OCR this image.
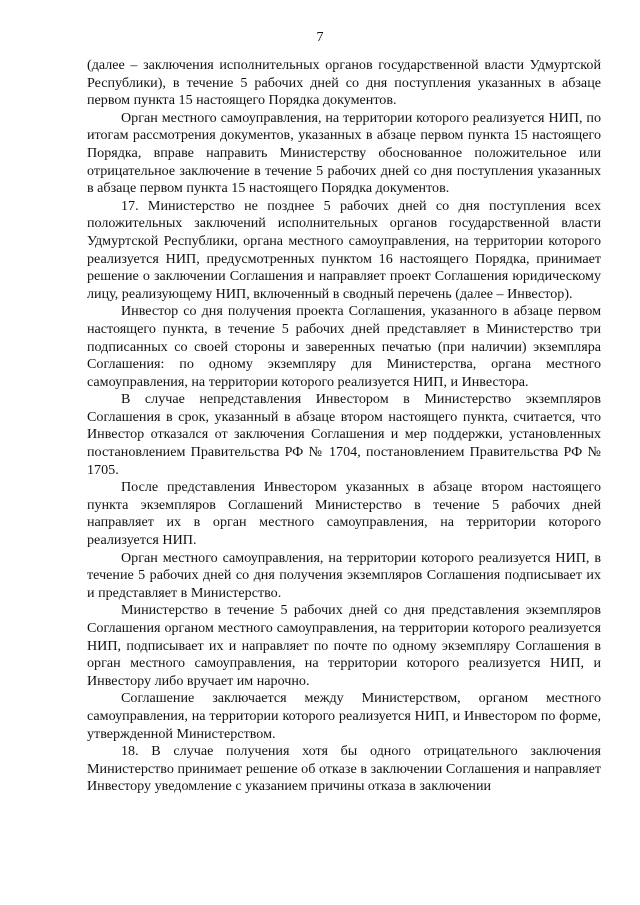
7

(далее – заключения исполнительных органов государственной власти Удмуртской Республики), в течение 5 рабочих дней со дня поступления указанных в абзаце первом пункта 15 настоящего Порядка документов.

Орган местного самоуправления, на территории которого реализуется НИП, по итогам рассмотрения документов, указанных в абзаце первом пункта 15 настоящего Порядка, вправе направить Министерству обоснованное положительное или отрицательное заключение в течение 5 рабочих дней со дня поступления указанных в абзаце первом пункта 15 настоящего Порядка документов.

17. Министерство не позднее 5 рабочих дней со дня поступления всех положительных заключений исполнительных органов государственной власти Удмуртской Республики, органа местного самоуправления, на территории которого реализуется НИП, предусмотренных пунктом 16 настоящего Порядка, принимает решение о заключении Соглашения и направляет проект Соглашения юридическому лицу, реализующему НИП, включенный в сводный перечень (далее – Инвестор).

Инвестор со дня получения проекта Соглашения, указанного в абзаце первом настоящего пункта, в течение 5 рабочих дней представляет в Министерство три подписанных со своей стороны и заверенных печатью (при наличии) экземпляра Соглашения: по одному экземпляру для Министерства, органа местного самоуправления, на территории которого реализуется НИП, и Инвестора.

В случае непредставления Инвестором в Министерство экземпляров Соглашения в срок, указанный в абзаце втором настоящего пункта, считается, что Инвестор отказался от заключения Соглашения и мер поддержки, установленных постановлением Правительства РФ № 1704, постановлением Правительства РФ № 1705.

После представления Инвестором указанных в абзаце втором настоящего пункта экземпляров Соглашений Министерство в течение 5 рабочих дней направляет их в орган местного самоуправления, на территории которого реализуется НИП.

Орган местного самоуправления, на территории которого реализуется НИП, в течение 5 рабочих дней со дня получения экземпляров Соглашения подписывает их и представляет в Министерство.

Министерство в течение 5 рабочих дней со дня представления экземпляров Соглашения органом местного самоуправления, на территории которого реализуется НИП, подписывает их и направляет по почте по одному экземпляру Соглашения в орган местного самоуправления, на территории которого реализуется НИП, и Инвестору либо вручает им нарочно.

Соглашение заключается между Министерством, органом местного самоуправления, на территории которого реализуется НИП, и Инвестором по форме, утвержденной Министерством.

18. В случае получения хотя бы одного отрицательного заключения Министерство принимает решение об отказе в заключении Соглашения и направляет Инвестору уведомление с указанием причины отказа в заключении
